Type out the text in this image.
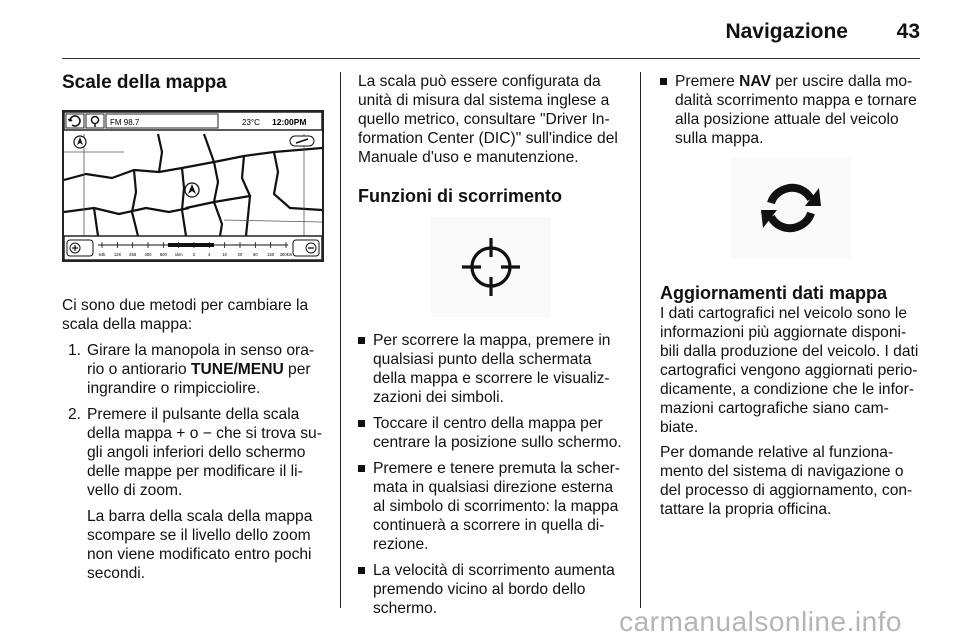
Navigazione 43
Scale della mappa
FM 98.7	23°C 12:00PM
64k 128 256 400 800 1km 2	4	10	20	50 150 300km

Ci sono due metodi per cambiare la scala della mappa:

1. Girare la manopola in senso ora-rio o antiorario TUNE/MENU per ingrandire o rimpicciolire.
2. Premere il pulsante della scala della mappa + o − che si trova su-gli angoli inferiori dello schermo delle mappe per modificare il li-vello di zoom.

La barra della scala della mappa scompare se il livello dello zoom non viene modificato entro pochi secondi.

La scala può essere configurata da unità di misura dal sistema inglese a quello metrico, consultare "Driver In-formation Center (DIC)" sull'indice del Manuale d'uso e manutenzione.

Funzioni di scorrimento
Per scorrere la mappa, premere in qualsiasi punto della schermata della mappa e scorrere le visualiz-zazioni dei simboli.
Toccare il centro della mappa per centrare la posizione sullo schermo.
Premere e tenere premuta la scher-mata in qualsiasi direzione esterna al simbolo di scorrimento: la mappa continuerà a scorrere in quella di-rezione.
La velocità di scorrimento aumenta premendo vicino al bordo dello schermo.
Premere NAV per uscire dalla mo-dalità scorrimento mappa e tornare alla posizione attuale del veicolo sulla mappa.
Aggiornamenti dati mappa

I dati cartografici nel veicolo sono le informazioni più aggiornate disponi-bili dalla produzione del veicolo. I dati cartografici vengono aggiornati perio-dicamente, a condizione che le infor-mazioni cartografiche siano cam-biate.

Per domande relative al funziona-mento del sistema di navigazione o del processo di aggiornamento, con-tattare la propria officina.

carmanualsonline.info
